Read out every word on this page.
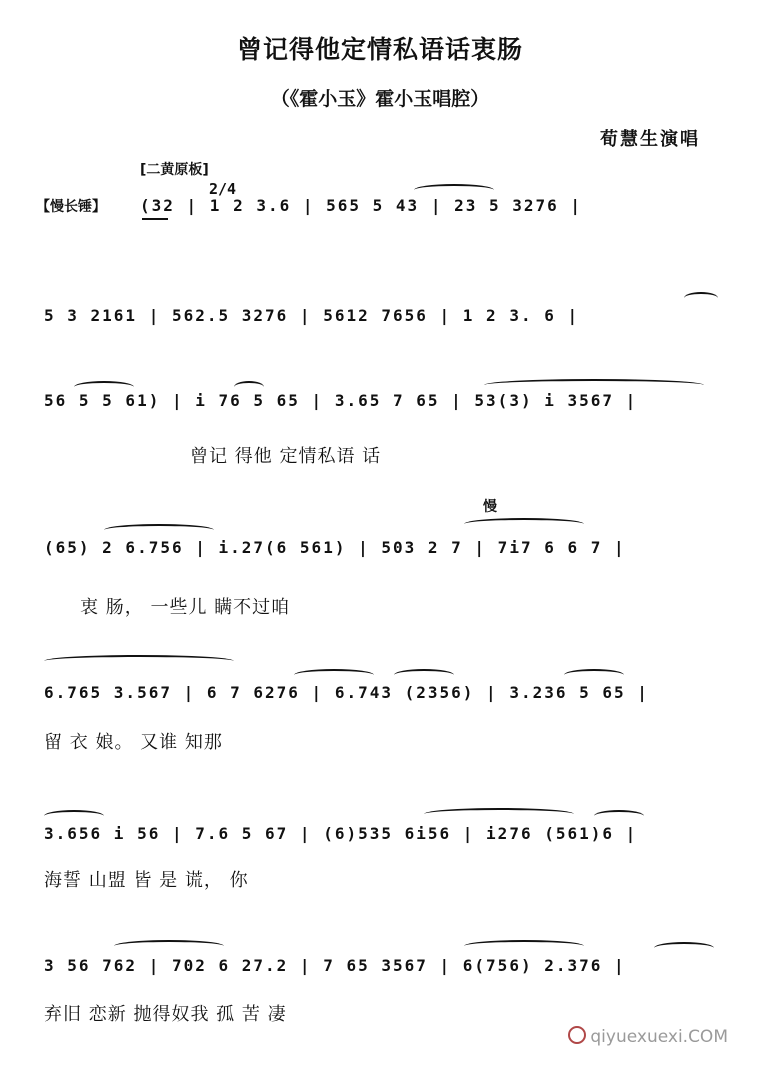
曾记得他定情私语话衷肠
（《霍小玉》霍小玉唱腔）
荀慧生演唱
[二黄原板]
【慢长锤】
2/4
(32 | 1 2 3.6 | 565 5 43 | 23 5 3276 |
5 3 2161 | 562.5 3276 | 5612 7656 | 1 2 3. 6 |
56 5 5 61) | i 76 5 65 | 3.65 7 65 | 53(3) i 3567 |
曾记 得他 定情私语 话
慢
(65) 2 6.756 | i.27(6 561) | 503 2 7 | 7i7 6 6 7 |
衷 肠， 一些儿 瞒不过咱
6.765 3.567 | 6 7 6276 | 6.743 (2356) | 3.236 5 65 |
留 衣 娘。 又谁 知那
3.656 i 56 | 7.6 5 67 | (6)535 6i56 | i276 (561)6 |
海誓 山盟 皆 是 谎， 你
3 56 762 | 702 6 27.2 | 7 65 3567 | 6(756) 2.376 |
弃旧 恋新 抛得奴我 孤 苦 凄
qiyuexuexi.COM
